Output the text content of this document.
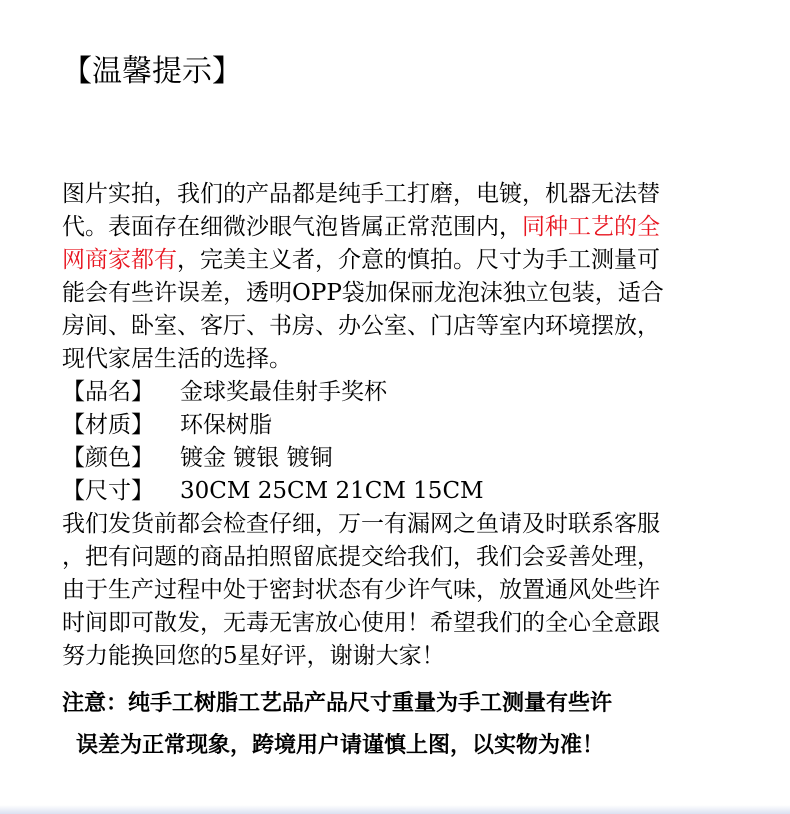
【温馨提示】
图片实拍，我们的产品都是纯手工打磨，电镀，机器无法替
代。表面存在细微沙眼气泡皆属正常范围内，同种工艺的全
网商家都有，完美主义者，介意的慎拍。尺寸为手工测量可
能会有些许误差，透明OPP袋加保丽龙泡沫独立包装，适合
房间、卧室、客厅、书房、办公室、门店等室内环境摆放，
现代家居生活的选择。
【品名】 金球奖最佳射手奖杯
【材质】 环保树脂
【颜色】 镀金 镀银 镀铜
【尺寸】 30CM 25CM 21CM 15CM
我们发货前都会检查仔细，万一有漏网之鱼请及时联系客服
，把有问题的商品拍照留底提交给我们，我们会妥善处理，
由于生产过程中处于密封状态有少许气味，放置通风处些许
时间即可散发，无毒无害放心使用！希望我们的全心全意跟
努力能换回您的5星好评，谢谢大家！
注意：纯手工树脂工艺品产品尺寸重量为手工测量有些许
误差为正常现象，跨境用户请谨慎上图，以实物为准！
